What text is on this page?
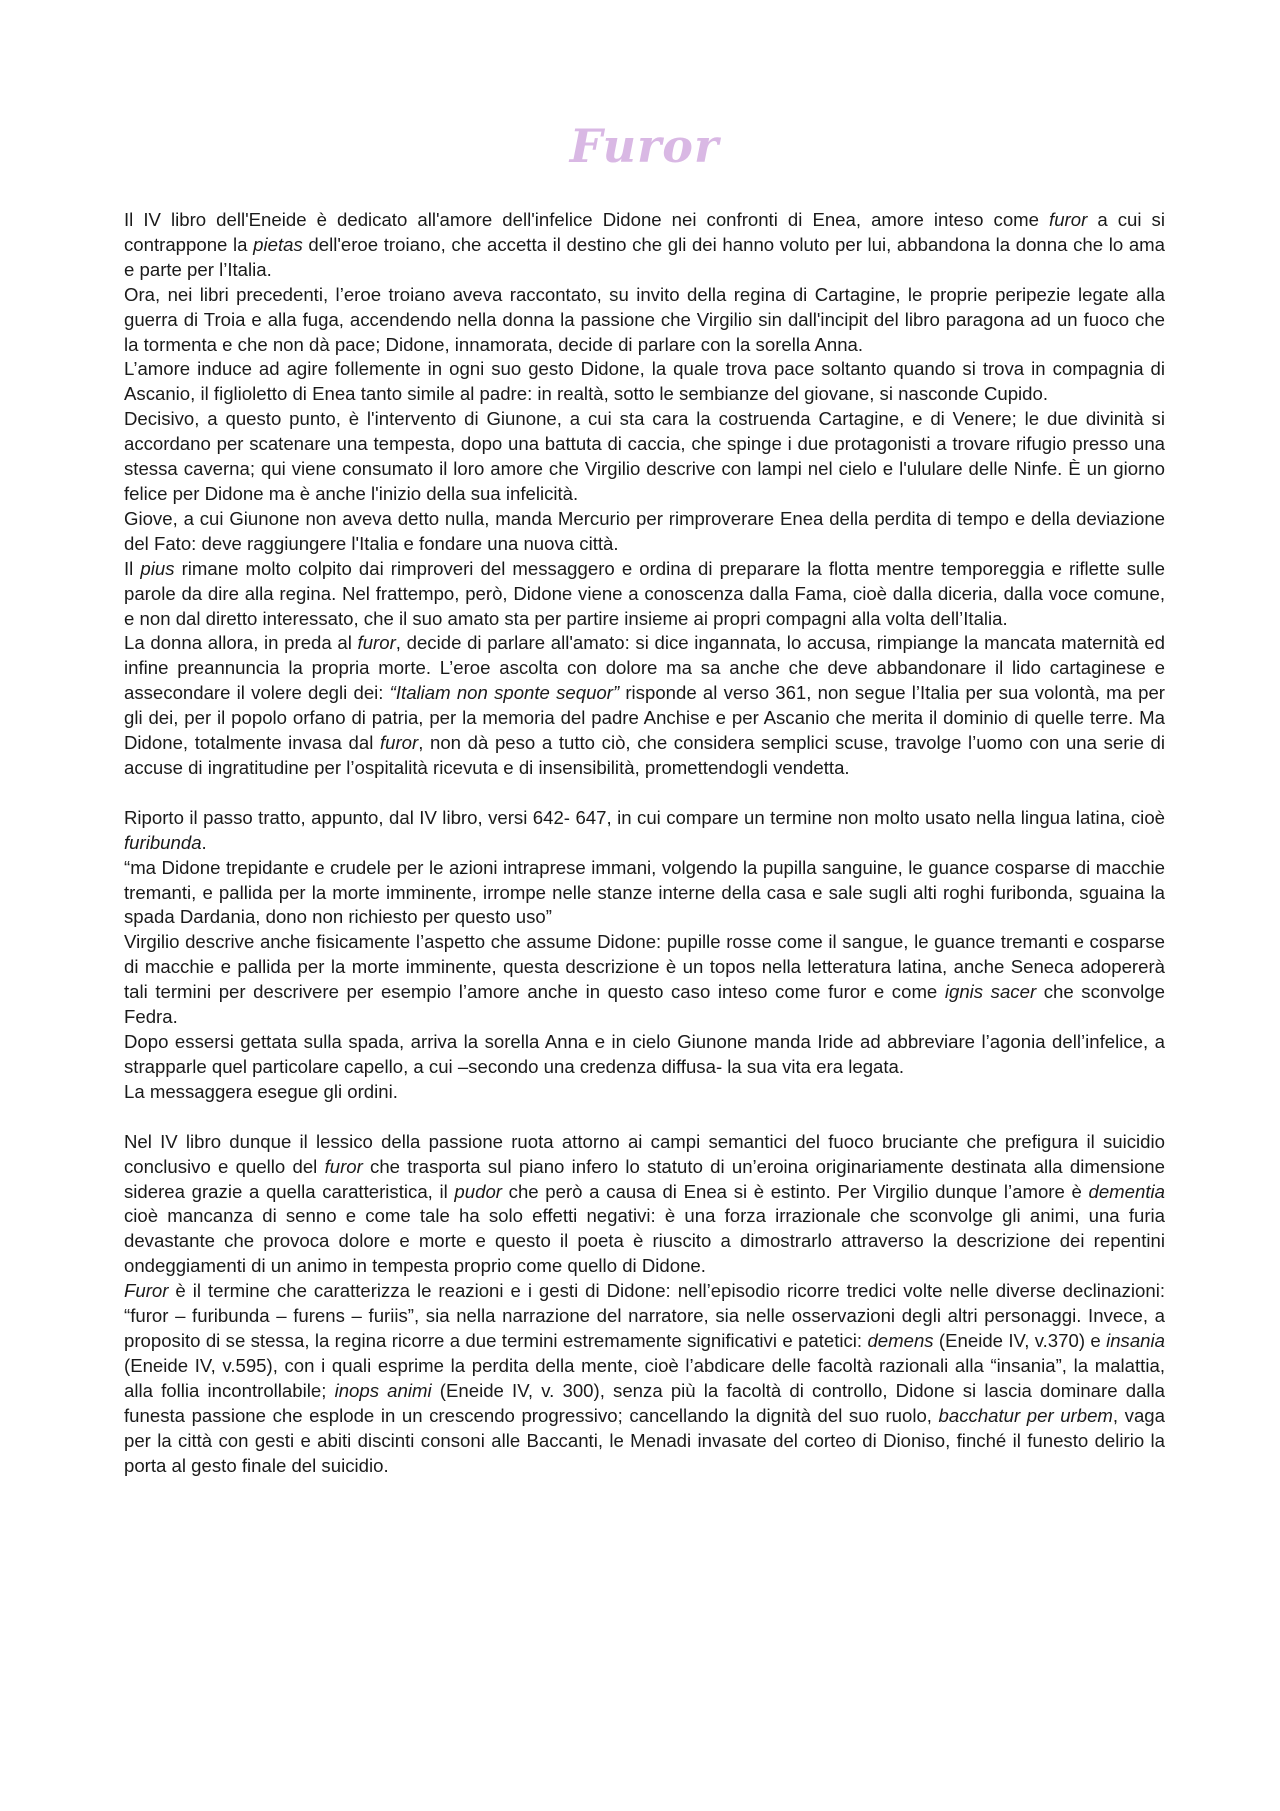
Furor

Il IV libro dell'Eneide è dedicato all'amore dell'infelice Didone nei confronti di Enea, amore inteso come furor a cui si contrappone la pietas dell'eroe troiano, che accetta il destino che gli dei hanno voluto per lui, abbandona la donna che lo ama e parte per l’Italia.

Ora, nei libri precedenti, l’eroe troiano aveva raccontato, su invito della regina di Cartagine, le proprie peripezie legate alla guerra di Troia e alla fuga, accendendo nella donna la passione che Virgilio sin dall'incipit del libro paragona ad un fuoco che la tormenta e che non dà pace; Didone, innamorata, decide di parlare con la sorella Anna.

L’amore induce ad agire follemente in ogni suo gesto Didone, la quale trova pace soltanto quando si trova in compagnia di Ascanio, il figlioletto di Enea tanto simile al padre: in realtà, sotto le sembianze del giovane, si nasconde Cupido.

Decisivo, a questo punto, è l'intervento di Giunone, a cui sta cara la costruenda Cartagine, e di Venere; le due divinità si accordano per scatenare una tempesta, dopo una battuta di caccia, che spinge i due protagonisti a trovare rifugio presso una stessa caverna; qui viene consumato il loro amore che Virgilio descrive con lampi nel cielo e l'ululare delle Ninfe. È un giorno felice per Didone ma è anche l'inizio della sua infelicità.

Giove, a cui Giunone non aveva detto nulla, manda Mercurio per rimproverare Enea della perdita di tempo e della deviazione del Fato: deve raggiungere l'Italia e fondare una nuova città.

Il pius rimane molto colpito dai rimproveri del messaggero e ordina di preparare la flotta mentre temporeggia e riflette sulle parole da dire alla regina. Nel frattempo, però, Didone viene a conoscenza dalla Fama, cioè dalla diceria, dalla voce comune, e non dal diretto interessato, che il suo amato sta per partire insieme ai propri compagni alla volta dell’Italia.

La donna allora, in preda al furor, decide di parlare all'amato: si dice ingannata, lo accusa, rimpiange la mancata maternità ed infine preannuncia la propria morte. L’eroe ascolta con dolore ma sa anche che deve abbandonare il lido cartaginese e assecondare il volere degli dei: “Italiam non sponte sequor” risponde al verso 361, non segue l’Italia per sua volontà, ma per gli dei, per il popolo orfano di patria, per la memoria del padre Anchise e per Ascanio che merita il dominio di quelle terre. Ma Didone, totalmente invasa dal furor, non dà peso a tutto ciò, che considera semplici scuse, travolge l’uomo con una serie di accuse di ingratitudine per l’ospitalità ricevuta e di insensibilità, promettendogli vendetta.

Riporto il passo tratto, appunto, dal IV libro, versi 642- 647, in cui compare un termine non molto usato nella lingua latina, cioè furibunda.

“ma Didone trepidante e crudele per le azioni intraprese immani, volgendo la pupilla sanguine, le guance cosparse di macchie tremanti, e pallida per la morte imminente, irrompe nelle stanze interne della casa e sale sugli alti roghi furibonda, sguaina la spada Dardania, dono non richiesto per questo uso”

Virgilio descrive anche fisicamente l’aspetto che assume Didone: pupille rosse come il sangue, le guance tremanti e cosparse di macchie e pallida per la morte imminente, questa descrizione è un topos nella letteratura latina, anche Seneca adopererà tali termini per descrivere per esempio l’amore anche in questo caso inteso come furor e come ignis sacer che sconvolge Fedra.

Dopo essersi gettata sulla spada, arriva la sorella Anna e in cielo Giunone manda Iride ad abbreviare l’agonia dell’infelice, a strapparle quel particolare capello, a cui –secondo una credenza diffusa- la sua vita era legata.

La messaggera esegue gli ordini.

Nel IV libro dunque il lessico della passione ruota attorno ai campi semantici del fuoco bruciante che prefigura il suicidio conclusivo e quello del furor che trasporta sul piano infero lo statuto di un’eroina originariamente destinata alla dimensione siderea grazie a quella caratteristica, il pudor che però a causa di Enea si è estinto. Per Virgilio dunque l’amore è dementia cioè mancanza di senno e come tale ha solo effetti negativi: è una forza irrazionale che sconvolge gli animi, una furia devastante che provoca dolore e morte e questo il poeta è riuscito a dimostrarlo attraverso la descrizione dei repentini ondeggiamenti di un animo in tempesta proprio come quello di Didone.

Furor è il termine che caratterizza le reazioni e i gesti di Didone: nell’episodio ricorre tredici volte nelle diverse declinazioni: “furor – furibunda – furens – furiis”, sia nella narrazione del narratore, sia nelle osservazioni degli altri personaggi. Invece, a proposito di se stessa, la regina ricorre a due termini estremamente significativi e patetici: demens (Eneide IV, v.370) e insania (Eneide IV, v.595), con i quali esprime la perdita della mente, cioè l’abdicare delle facoltà razionali alla “insania”, la malattia, alla follia incontrollabile; inops animi (Eneide IV, v. 300), senza più la facoltà di controllo, Didone si lascia dominare dalla funesta passione che esplode in un crescendo progressivo; cancellando la dignità del suo ruolo, bacchatur per urbem, vaga per la città con gesti e abiti discinti consoni alle Baccanti, le Menadi invasate del corteo di Dioniso, finché il funesto delirio la porta al gesto finale del suicidio.
